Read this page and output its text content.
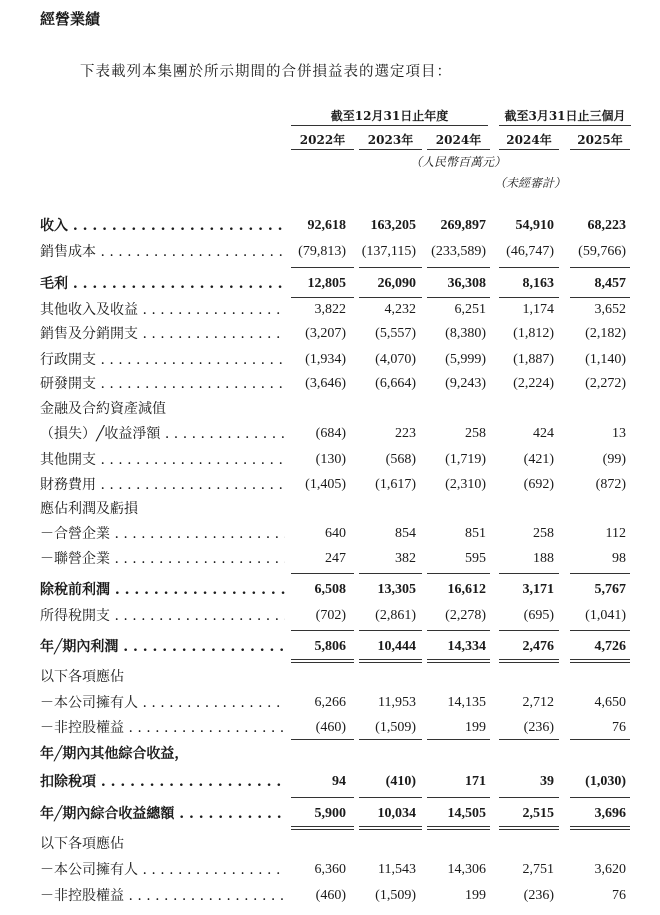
經營業績
下表載列本集團於所示期間的合併損益表的選定項目：
截至12月31日止年度	截至3月31日止三個月
2022年	2023年	2024年	2024年	2025年
（人民幣百萬元）
（未經審計）
收入 . . .	92,618	163,205	269,897	54,910	68,223
銷售成本 . . .	(79,813)	(137,115)	(233,589)	(46,747)	(59,766)
毛利 . . .	12,805	26,090	36,308	8,163	8,457
其他收入及收益 . . .	3,822	4,232	6,251	1,174	3,652
銷售及分銷開支 . . .	(3,207)	(5,557)	(8,380)	(1,812)	(2,182)
行政開支 . . .	(1,934)	(4,070)	(5,999)	(1,887)	(1,140)
研發開支 . . .	(3,646)	(6,664)	(9,243)	(2,224)	(2,272)
金融及合約資產減值
（損失）╱收益淨額 . . .	(684)	223	258	424	13
其他開支 . . .	(130)	(568)	(1,719)	(421)	(99)
財務費用 . . .	(1,405)	(1,617)	(2,310)	(692)	(872)
應佔利潤及虧損
－合營企業 . . .	640	854	851	258	112
－聯營企業 . . .	247	382	595	188	98
除稅前利潤 . . .	6,508	13,305	16,612	3,171	5,767
所得稅開支 . . .	(702)	(2,861)	(2,278)	(695)	(1,041)
年╱期內利潤 . . .	5,806	10,444	14,334	2,476	4,726
以下各項應佔
－本公司擁有人 . . .	6,266	11,953	14,135	2,712	4,650
－非控股權益 . . .	(460)	(1,509)	199	(236)	76
年╱期內其他綜合收益，
扣除稅項 . . .	94	(410)	171	39	(1,030)
年╱期內綜合收益總額 . . .	5,900	10,034	14,505	2,515	3,696
以下各項應佔
－本公司擁有人 . . .	6,360	11,543	14,306	2,751	3,620
－非控股權益 . . .	(460)	(1,509)	199	(236)	76
